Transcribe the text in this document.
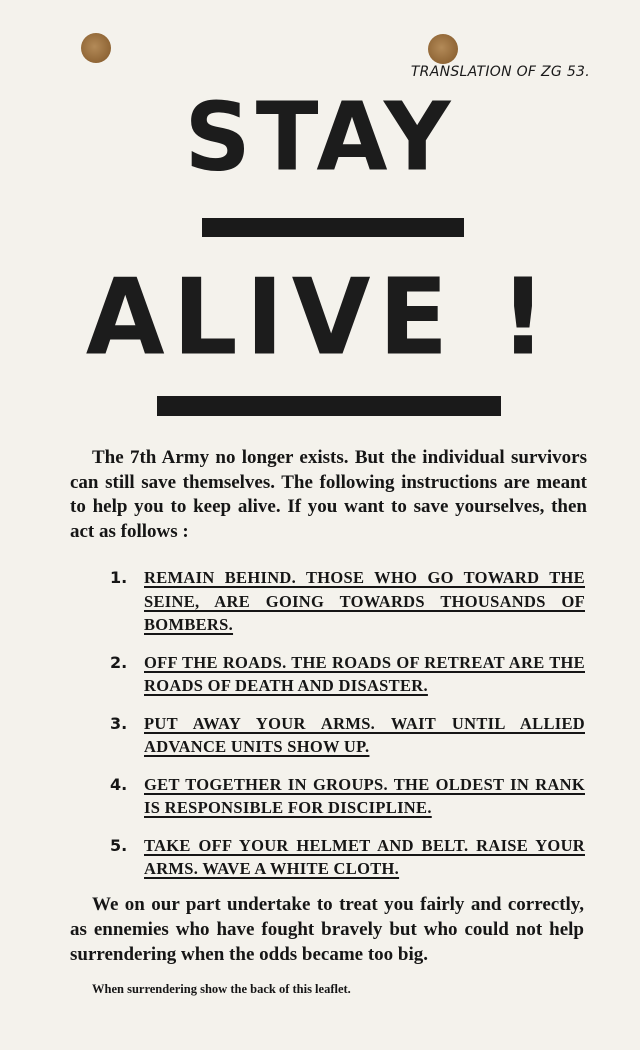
TRANSLATION OF ZG 53.
STAY
ALIVE !

The 7th Army no longer exists. But the individual survivors can still save themselves. The following instructions are meant to help you to keep alive. If you want to save yourselves, then act as follows :

1.	REMAIN BEHIND. THOSE WHO GO TOWARD THE SEINE, ARE GOING TOWARDS THOUSANDS OF BOMBERS.
2.	OFF THE ROADS. THE ROADS OF RETREAT ARE THE ROADS OF DEATH AND DISASTER.
3.	PUT AWAY YOUR ARMS. WAIT UNTIL ALLIED ADVANCE UNITS SHOW UP.
4.	GET TOGETHER IN GROUPS. THE OLDEST IN RANK IS RESPONSIBLE FOR DISCIPLINE.
5.	TAKE OFF YOUR HELMET AND BELT. RAISE YOUR ARMS. WAVE A WHITE CLOTH.

We on our part undertake to treat you fairly and correctly, as ennemies who have fought bravely but who could not help surrendering when the odds became too big.

When surrendering show the back of this leaflet.
